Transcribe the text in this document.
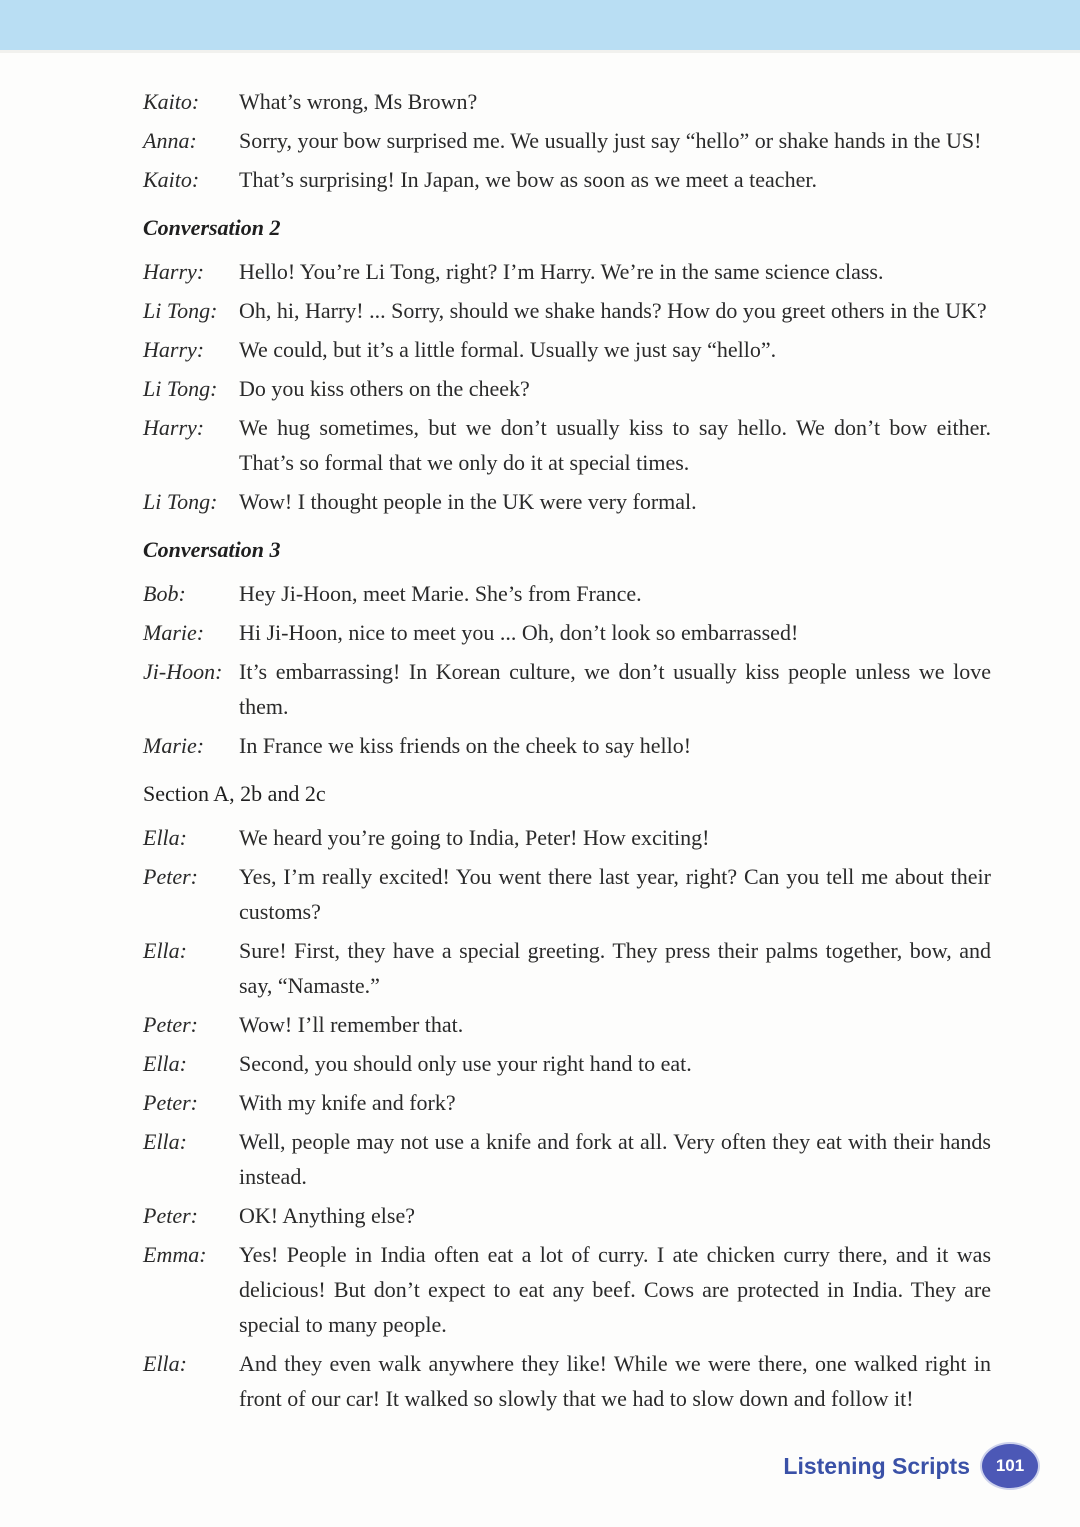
Kaito:	What’s wrong, Ms Brown?
Anna:	Sorry, your bow surprised me. We usually just say “hello” or shake hands in the US!
Kaito:	That’s surprising! In Japan, we bow as soon as we meet a teacher.
Conversation 2
Harry:	Hello! You’re Li Tong, right? I’m Harry. We’re in the same science class.
Li Tong: Oh, hi, Harry! ... Sorry, should we shake hands? How do you greet others in the UK?
Harry:	We could, but it’s a little formal. Usually we just say “hello”.
Li Tong: Do you kiss others on the cheek?
Harry:	We hug sometimes, but we don’t usually kiss to say hello. We don’t bow either. That’s so formal that we only do it at special times.
Li Tong: Wow! I thought people in the UK were very formal.
Conversation 3
Bob:	Hey Ji-Hoon, meet Marie. She’s from France.
Marie:	Hi Ji-Hoon, nice to meet you ... Oh, don’t look so embarrassed!
Ji-Hoon: It’s embarrassing! In Korean culture, we don’t usually kiss people unless we love them.
Marie:	In France we kiss friends on the cheek to say hello!
Section A, 2b and 2c
Ella:	We heard you’re going to India, Peter! How exciting!
Peter:	Yes, I’m really excited! You went there last year, right? Can you tell me about their customs?
Ella:	Sure! First, they have a special greeting. They press their palms together, bow, and say, “Namaste.”
Peter:	Wow! I’ll remember that.
Ella:	Second, you should only use your right hand to eat.
Peter:	With my knife and fork?
Ella:	Well, people may not use a knife and fork at all. Very often they eat with their hands instead.
Peter:	OK! Anything else?
Emma:	Yes! People in India often eat a lot of curry. I ate chicken curry there, and it was delicious! But don’t expect to eat any beef. Cows are protected in India. They are special to many people.
Ella:	And they even walk anywhere they like! While we were there, one walked right in front of our car! It walked so slowly that we had to slow down and follow it!
Listening Scripts	101
